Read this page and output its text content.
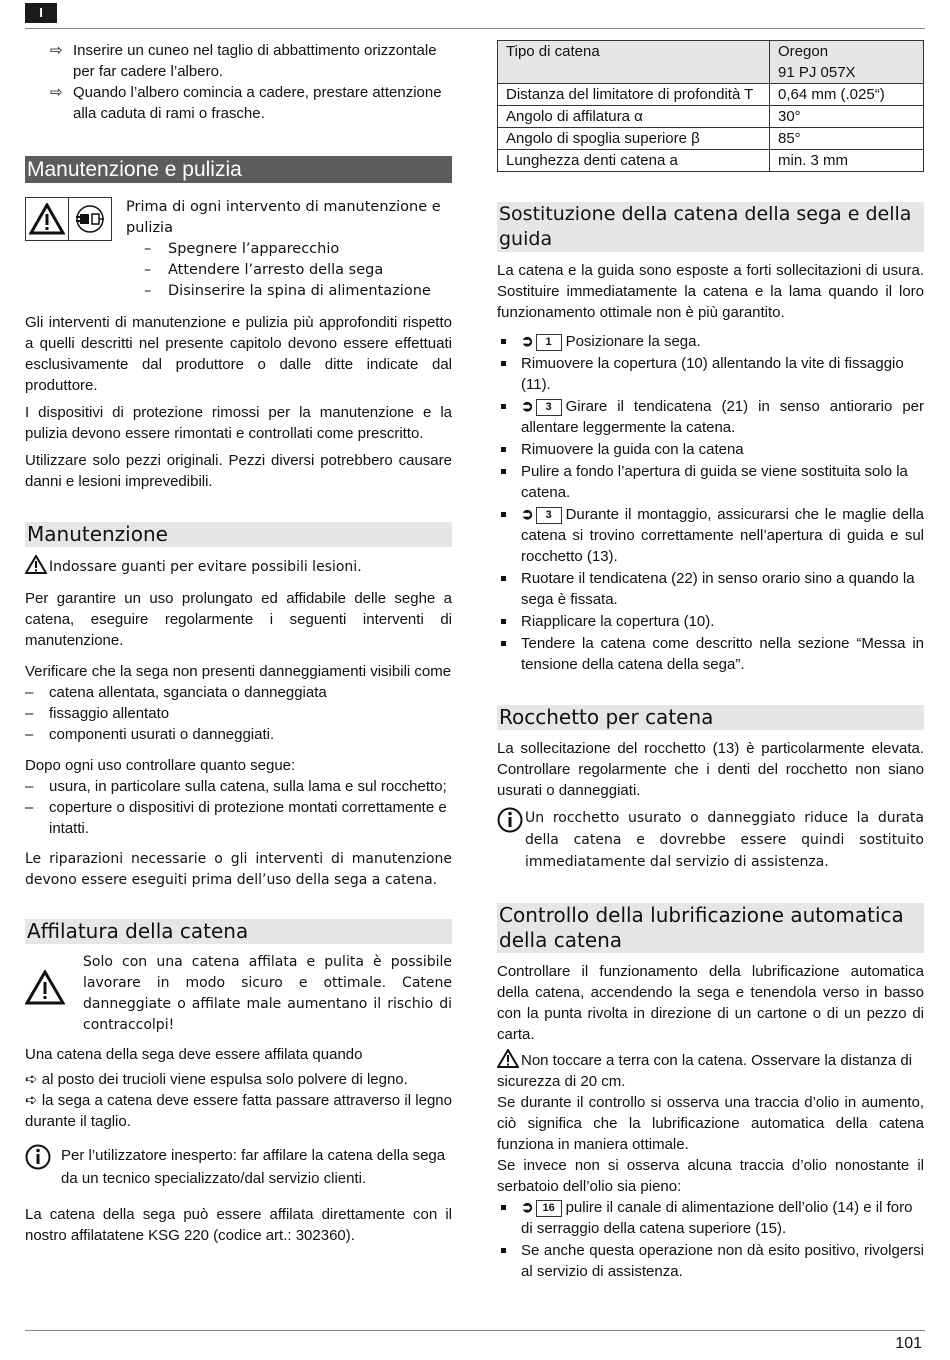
I
⇨ Inserire un cuneo nel taglio di abbattimento orizzontale per far cadere l’albero.
⇨ Quando l’albero comincia a cadere, prestare attenzione alla caduta di rami o frasche.
Manutenzione e pulizia
Prima di ogni intervento di manutenzione e pulizia
– Spegnere l’apparecchio
– Attendere l’arresto della sega
– Disinserire la spina di alimentazione

Gli interventi di manutenzione e pulizia più approfonditi rispetto a quelli descritti nel presente capitolo devono essere effettuati esclusivamente dal produttore o dalle ditte indicate dal produttore.

I dispositivi di protezione rimossi per la manutenzione e la pulizia devono essere rimontati e controllati come prescritto.

Utilizzare solo pezzi originali. Pezzi diversi potrebbero causare danni e lesioni imprevedibili.

Manutenzione

Indossare guanti per evitare possibili lesioni.

Per garantire un uso prolungato ed affidabile delle seghe a catena, eseguire regolarmente i seguenti interventi di manutenzione.

Verificare che la sega non presenti danneggiamenti visibili come

– catena allentata, sganciata o danneggiata
– fissaggio allentato
– componenti usurati o danneggiati.

Dopo ogni uso controllare quanto segue:

– usura, in particolare sulla catena, sulla lama e sul rocchetto;
– coperture o dispositivi di protezione montati correttamente e intatti.

Le riparazioni necessarie o gli interventi di manutenzione devono essere eseguiti prima dell’uso della sega a catena.

Affilatura della catena
Solo con una catena affilata e pulita è possibile lavorare in modo sicuro e ottimale. Catene danneggiate o affilate male aumentano il rischio di contraccolpi!

Una catena della sega deve essere affilata quando

➪ al posto dei trucioli viene espulsa solo polvere di legno.
➪ la sega a catena deve essere fatta passare attraverso il legno durante il taglio.
Per l’utilizzatore inesperto: far affilare la catena della sega da un tecnico specializzato/dal servizio clienti.

La catena della sega può essere affilata direttamente con il nostro affilatatene KSG 220 (codice art.: 302360).

Tipo di catena	Oregon
91 PJ 057X

Distanza del limitatore di profondità T	0,64 mm (.025“)
Angolo di affilatura α	30°
Angolo di spoglia superiore β	85°
Lunghezza denti catena a	min. 3 mm
Sostituzione della catena della sega e della guida

La catena e la guida sono esposte a forti sollecitazioni di usura. Sostituire immediatamente la catena e la lama quando il loro funzionamento ottimale non è più garantito.

➲ 1 Posizionare la sega.
Rimuovere la copertura (10) allentando la vite di fissaggio (11).
➲ 3 Girare il tendicatena (21) in senso antiorario per allentare leggermente la catena.
Rimuovere la guida con la catena
Pulire a fondo l’apertura di guida se viene sostituita solo la catena.
➲ 3 Durante il montaggio, assicurarsi che le maglie della catena si trovino correttamente nell’apertura di guida e sul rocchetto (13).
Ruotare il tendicatena (22) in senso orario sino a quando la sega è fissata.
Riapplicare la copertura (10).
Tendere la catena come descritto nella sezione “Messa in tensione della catena della sega”.
Rocchetto per catena

La sollecitazione del rocchetto (13) è particolarmente elevata. Controllare regolarmente che i denti del rocchetto non siano usurati o danneggiati.

Un rocchetto usurato o danneggiato riduce la durata della catena e dovrebbe essere quindi sostituito immediatamente dal servizio di assistenza.
Controllo della lubrificazione automatica della catena

Controllare il funzionamento della lubrificazione automatica della catena, accendendo la sega e tenendola verso in basso con la punta rivolta in direzione di un cartone o di un pezzo di carta.

Non toccare a terra con la catena. Osservare la distanza di sicurezza di 20 cm.

Se durante il controllo si osserva una traccia d’olio in aumento, ciò significa che la lubrificazione automatica della catena funziona in maniera ottimale.

Se invece non si osserva alcuna traccia d’olio nonostante il serbatoio dell’olio sia pieno:

➲ 16 pulire il canale di alimentazione dell’olio (14) e il foro di serraggio della catena superiore (15).
Se anche questa operazione non dà esito positivo, rivolgersi al servizio di assistenza.
101
